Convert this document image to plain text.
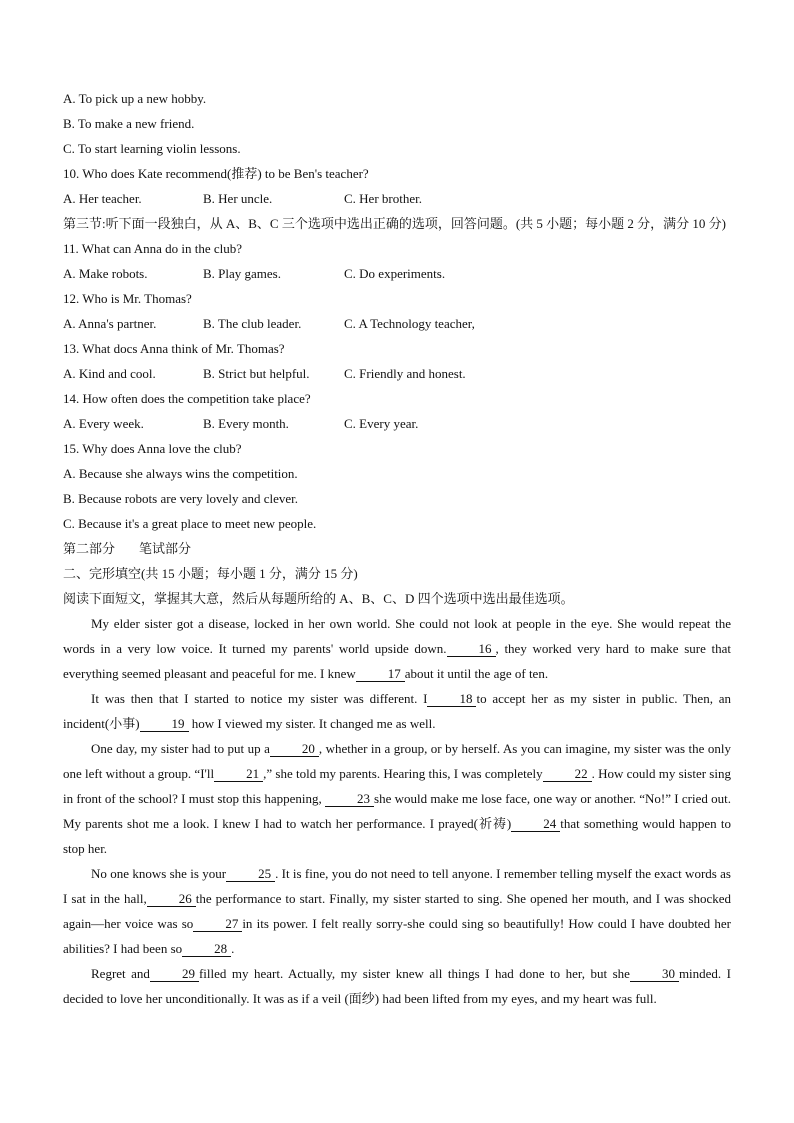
A. To pick up a new hobby.
B. To make a new friend.
C. To start learning violin lessons.
10. Who does Kate recommend(推荐) to be Ben's teacher?
A. Her teacher.	B. Her uncle.	C. Her brother.
第三节:听下面一段独白，从 A、B、C 三个选项中选出正确的选项，回答问题。(共 5 小题；每小题 2 分，满分 10 分)
11. What can Anna do in the club?
A. Make robots.	B. Play games.	C. Do experiments.
12. Who is Mr. Thomas?
A. Anna's partner.	B. The club leader.	C. A Technology teacher,
13. What docs Anna think of Mr. Thomas?
A. Kind and cool.	B. Strict but helpful.	C. Friendly and honest.
14. How often does the competition take place?
A. Every week.	B. Every month.	C. Every year.
15. Why does Anna love the club?
A. Because she always wins the competition.
B. Because robots are very lovely and clever.
C. Because it's a great place to meet new people.
第二部分 笔试部分
二、完形填空(共 15 小题；每小题 1 分，满分 15 分)
阅读下面短文，掌握其大意，然后从每题所给的 A、B、C、D 四个选项中选出最佳选项。

My elder sister got a disease, locked in her own world. She could not look at people in the eye. She would repeat the words in a very low voice. It turned my parents' world upside down. 16 , they worked very hard to make sure that everything seemed pleasant and peaceful for me. I knew 17 about it until the age of ten.

It was then that I started to notice my sister was different. I 18 to accept her as my sister in public. Then, an incident(小事) 19 how I viewed my sister. It changed me as well.

One day, my sister had to put up a 20 , whether in a group, or by herself. As you can imagine, my sister was the only one left without a group. “I'll 21 ,” she told my parents. Hearing this, I was completely 22 . How could my sister sing in front of the school? I must stop this happening,	23 she would make me lose face, one way or another. “No!” I cried out. My parents shot me a look. I knew I had to watch her performance. I prayed(祈祷) 24 that something would happen to stop her.

No one knows she is your 25 . It is fine, you do not need to tell anyone. I remember telling myself the exact words as I sat in the hall, 26 the performance to start. Finally, my sister started to sing. She opened her mouth, and I was shocked again—her voice was so 27 in its power. I felt really sorry-she could sing so beautifully! How could I have doubted her abilities? I had been so 28 .

Regret and 29 filled my heart. Actually, my sister knew all things I had done to her, but she 30 minded. I decided to love her unconditionally. It was as if a veil (面纱) had been lifted from my eyes, and my heart was full.
